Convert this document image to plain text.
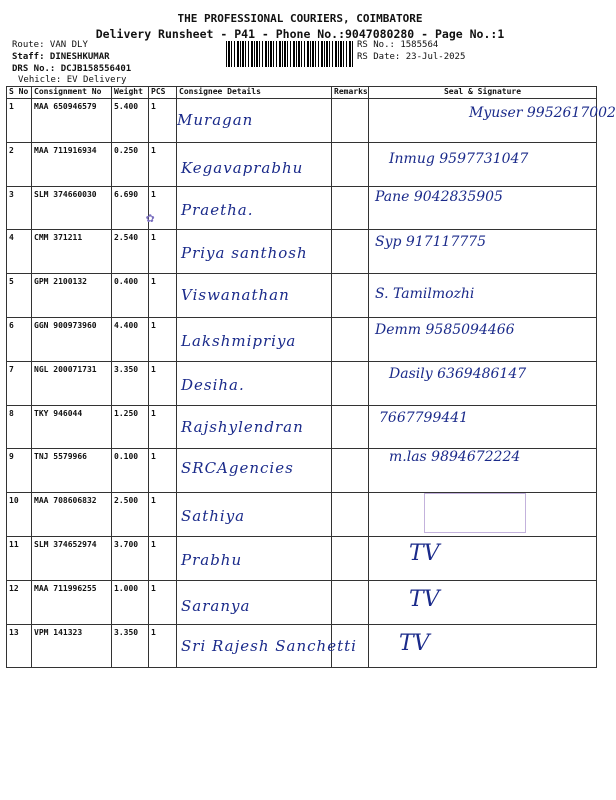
THE PROFESSIONAL COURIERS, COIMBATORE
Delivery Runsheet - P41 - Phone No.:9047080280 - Page No.:1
Route: VAN DLY
Staff: DINESHKUMAR
DRS No.: DCJB158556401
Vehicle: EV Delivery
RS No.: 1585564
RS Date: 23-Jul-2025
S No	Consignment No	Weight	PCS	Consignee Details	Remarks	Seal & Signature
1	MAA 650946579	5.400	1	Muragan		Myuser 9952617002

2	MAA 711916934	0.250	1	Kegavaprabhu		Inmug 9597731047

3	SLM 374660030	6.690	1	Praetha.		Pane 9042835905

4	CMM 371211	2.540	1	Priya santhosh		Syp 917117775

5	GPM 2100132	0.400	1	Viswanathan		S. Tamilmozhi

6	GGN 900973960	4.400	1	Lakshmipriya		Demm 9585094466

7	NGL 200071731	3.350	1	Desiha.		Dasily 6369486147

8	TKY 946044	1.250	1	Rajshylendran		7667799441

9	TNJ 5579966	0.100	1	SRCAgencies		m.las 9894672224

10	MAA 708606832	2.500	1	Sathiya		

11	SLM 374652974	3.700	1	Prabhu		TV

12	MAA 711996255	1.000	1	Saranya		TV

13	VPM 141323	3.350	1	Sri Rajesh Sanchetti		TV
✿
